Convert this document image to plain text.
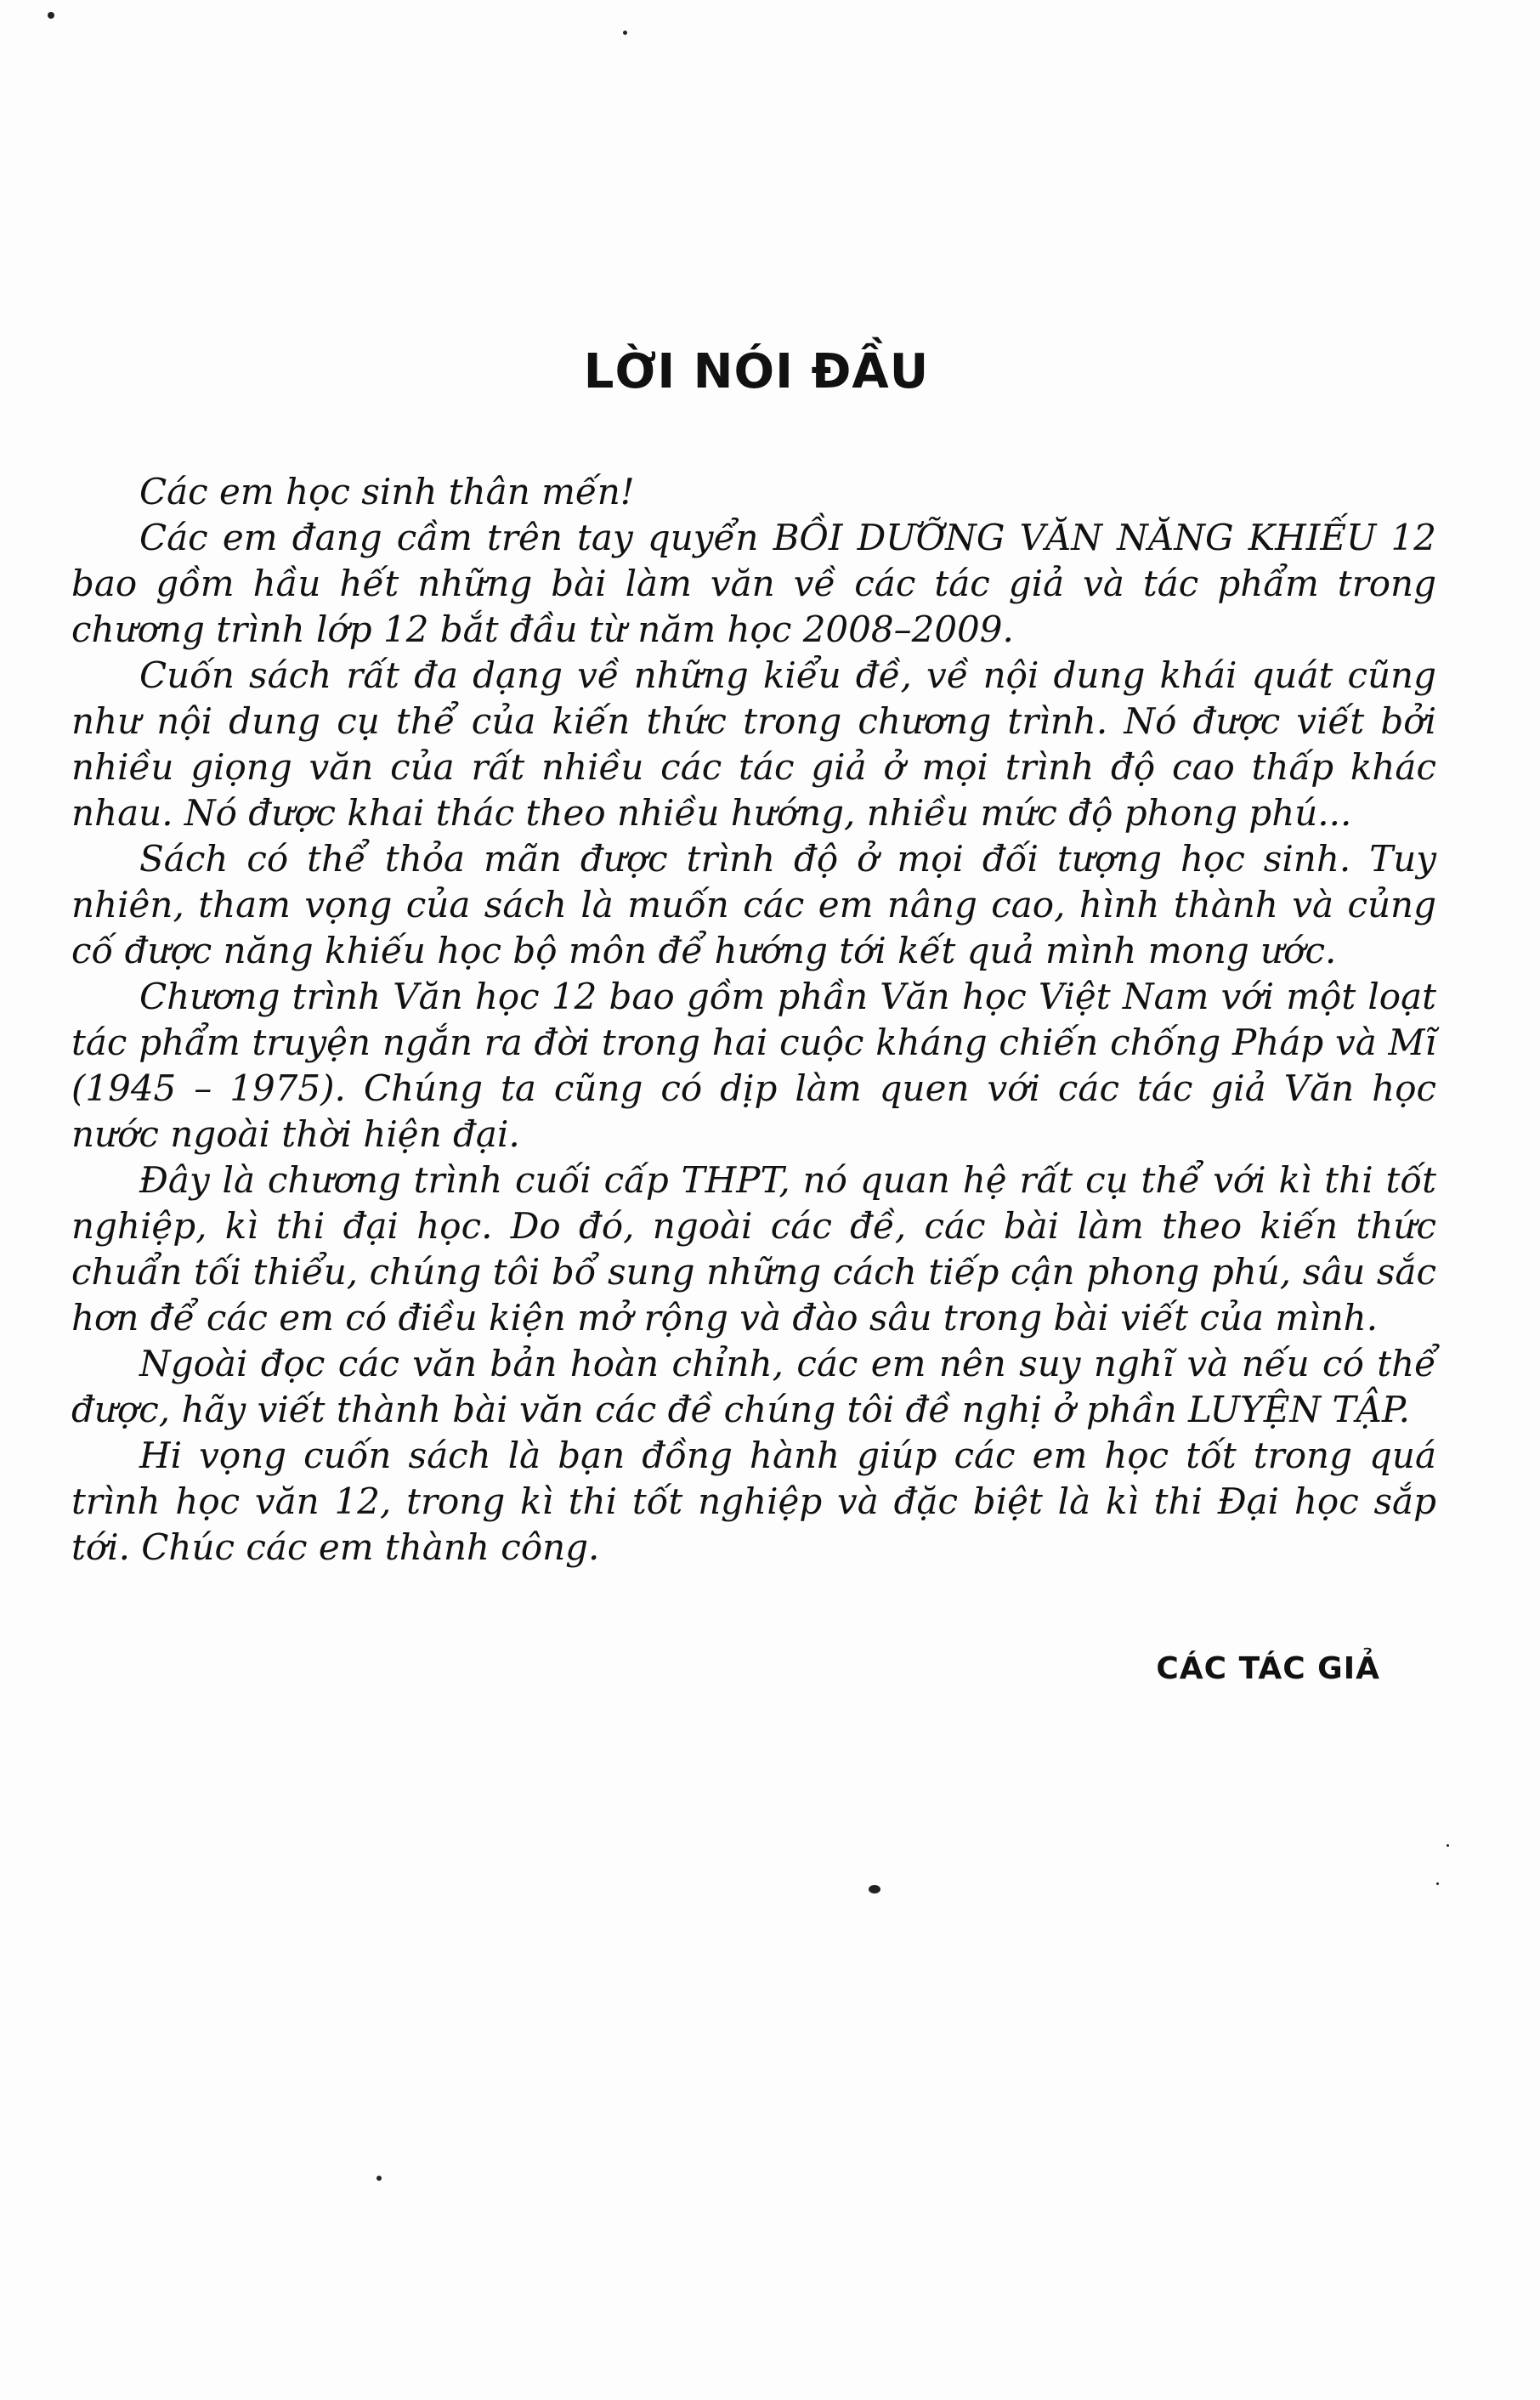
LỜI NÓI ĐẦU

Các em học sinh thân mến!

Các em đang cầm trên tay quyển BỒI DƯỠNG VĂN NĂNG KHIẾU 12 bao gồm hầu hết những bài làm văn về các tác giả và tác phẩm trong chương trình lớp 12 bắt đầu từ năm học 2008–2009.

Cuốn sách rất đa dạng về những kiểu đề, về nội dung khái quát cũng như nội dung cụ thể của kiến thức trong chương trình. Nó được viết bởi nhiều giọng văn của rất nhiều các tác giả ở mọi trình độ cao thấp khác nhau. Nó được khai thác theo nhiều hướng, nhiều mức độ phong phú...

Sách có thể thỏa mãn được trình độ ở mọi đối tượng học sinh. Tuy nhiên, tham vọng của sách là muốn các em nâng cao, hình thành và củng cố được năng khiếu học bộ môn để hướng tới kết quả mình mong ước.

Chương trình Văn học 12 bao gồm phần Văn học Việt Nam với một loạt tác phẩm truyện ngắn ra đời trong hai cuộc kháng chiến chống Pháp và Mĩ (1945 – 1975). Chúng ta cũng có dịp làm quen với các tác giả Văn học nước ngoài thời hiện đại.

Đây là chương trình cuối cấp THPT, nó quan hệ rất cụ thể với kì thi tốt nghiệp, kì thi đại học. Do đó, ngoài các đề, các bài làm theo kiến thức chuẩn tối thiểu, chúng tôi bổ sung những cách tiếp cận phong phú, sâu sắc hơn để các em có điều kiện mở rộng và đào sâu trong bài viết của mình.

Ngoài đọc các văn bản hoàn chỉnh, các em nên suy nghĩ và nếu có thể được, hãy viết thành bài văn các đề chúng tôi đề nghị ở phần LUYỆN TẬP.

Hi vọng cuốn sách là bạn đồng hành giúp các em học tốt trong quá trình học văn 12, trong kì thi tốt nghiệp và đặc biệt là kì thi Đại học sắp tới. Chúc các em thành công.

CÁC TÁC GIẢ
